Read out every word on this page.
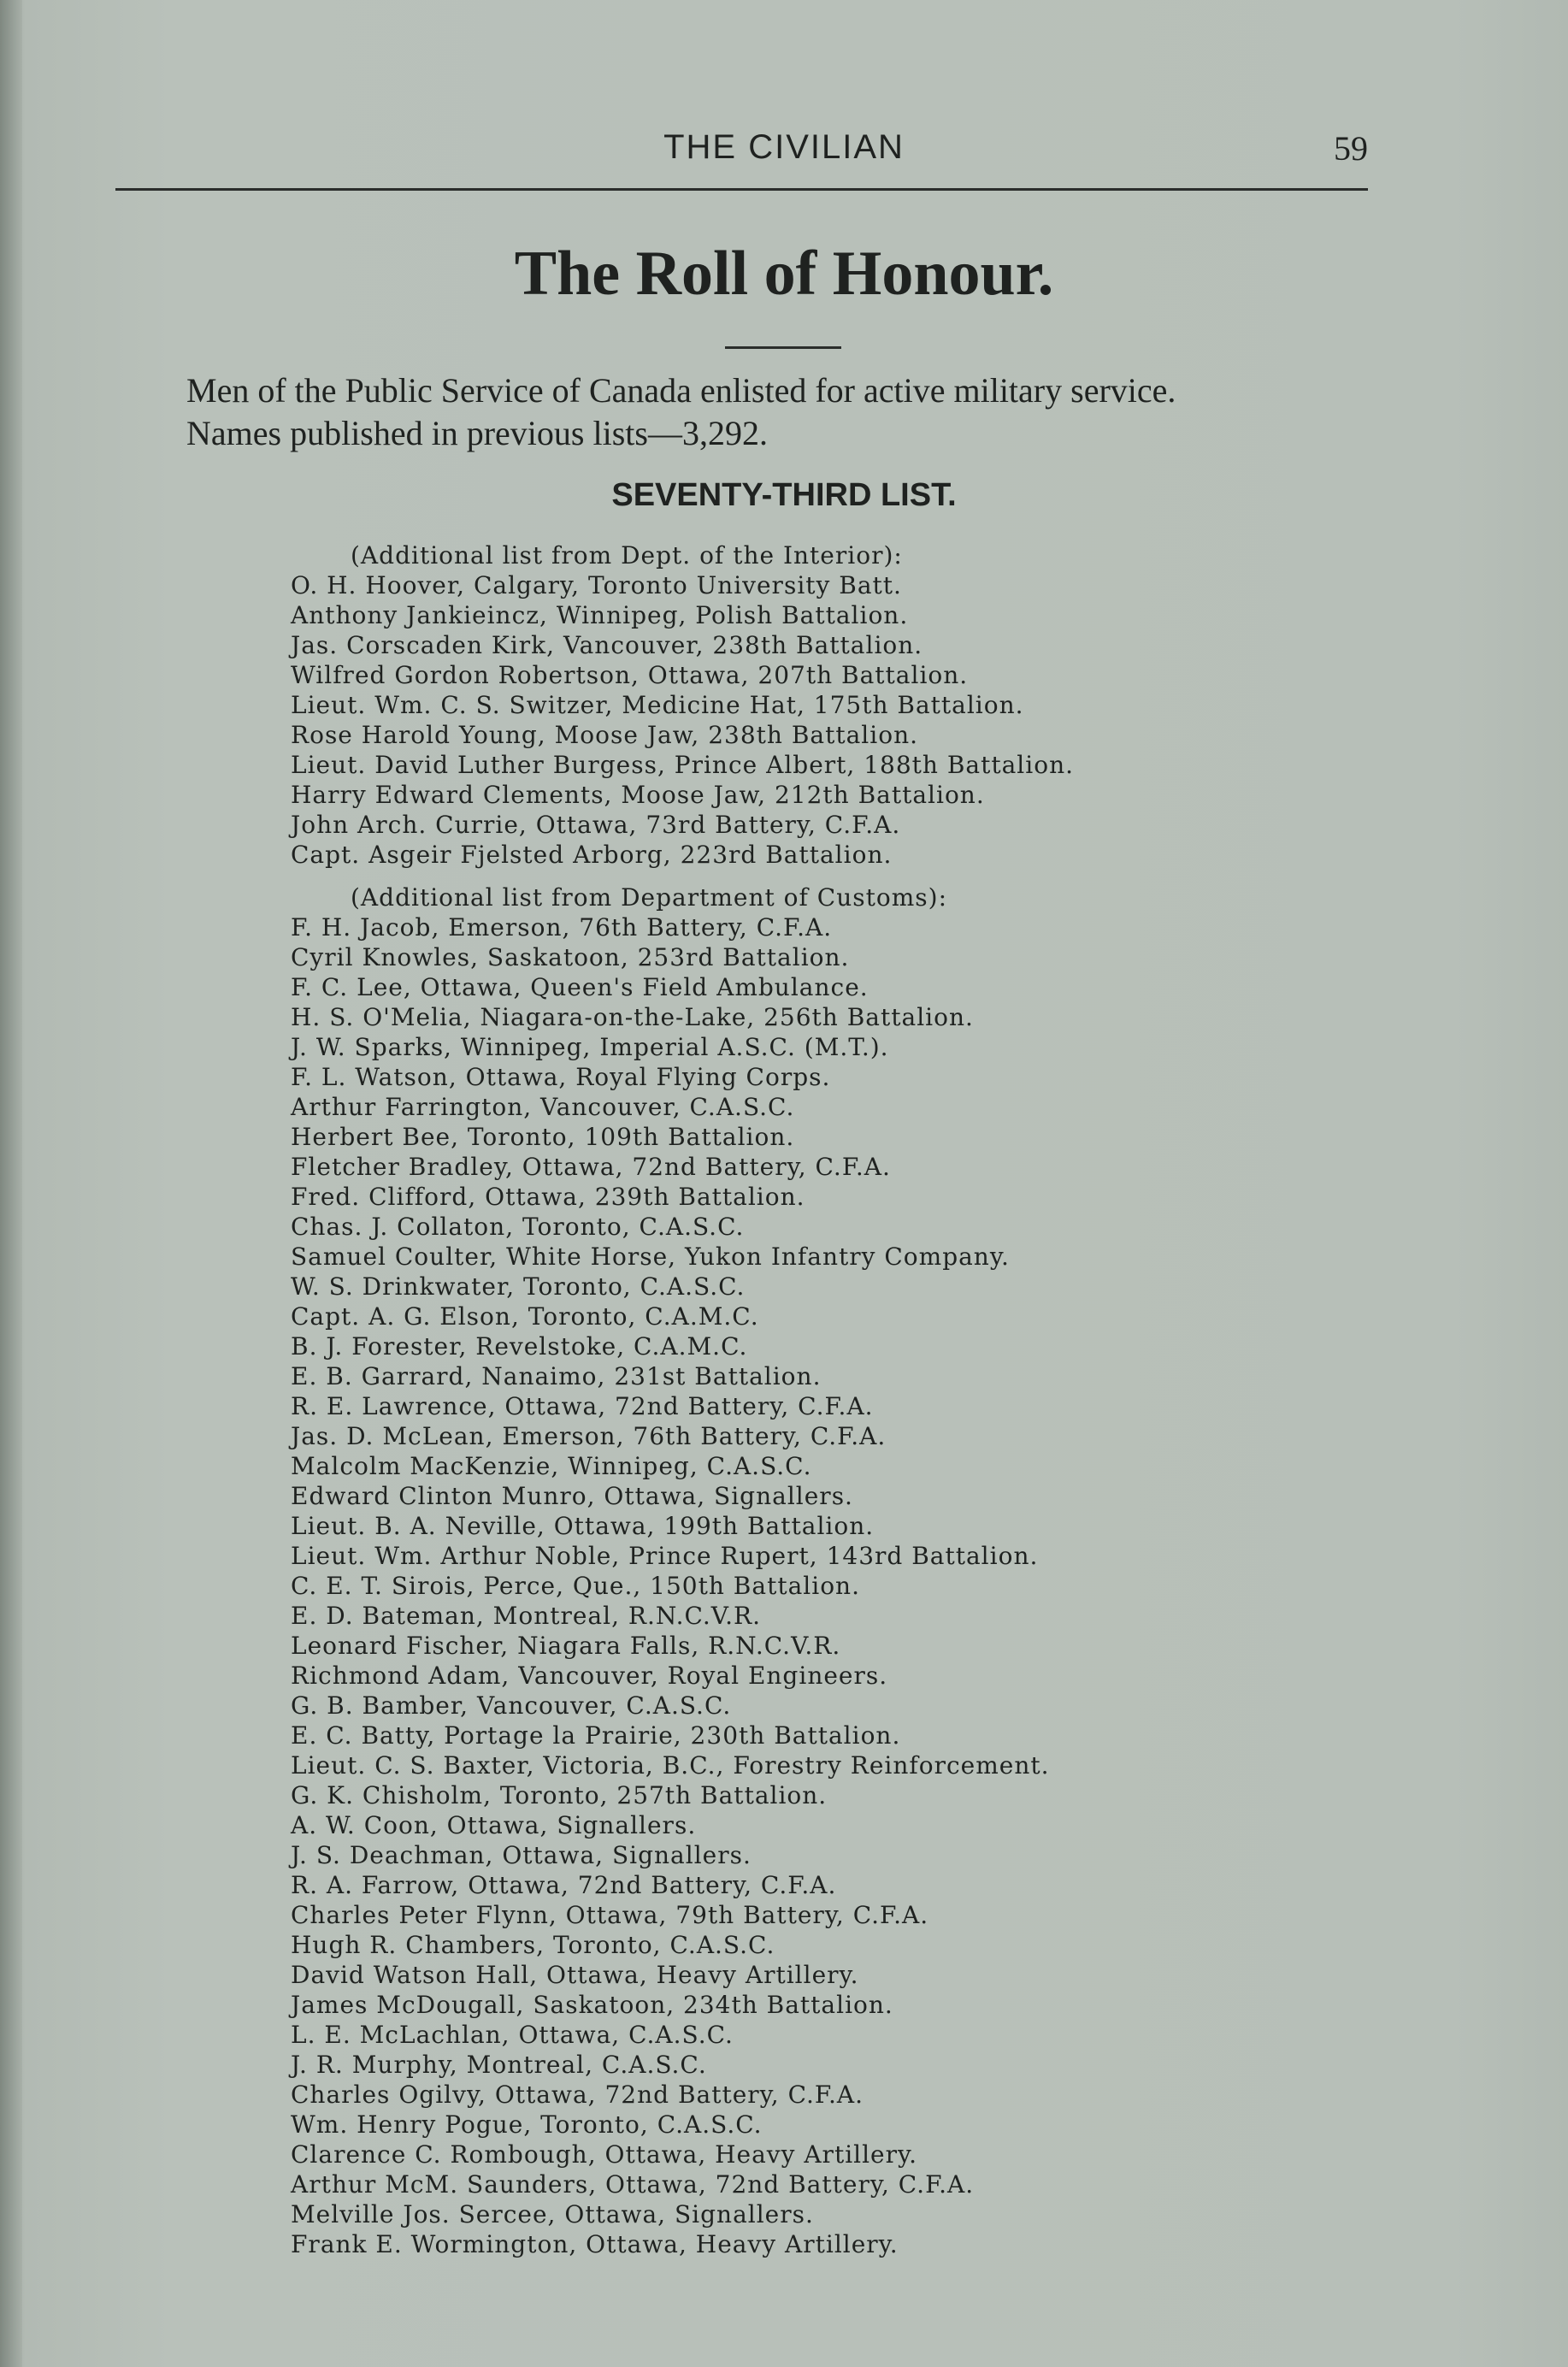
THE CIVILIAN	59
The Roll of Honour.
Men of the Public Service of Canada enlisted for active military service.
Names published in previous lists—3,292.
SEVENTY-THIRD LIST.
(Additional list from Dept. of the Interior):
O. H. Hoover, Calgary, Toronto University Batt.
Anthony Jankieincz, Winnipeg, Polish Battalion.
Jas. Corscaden Kirk, Vancouver, 238th Battalion.
Wilfred Gordon Robertson, Ottawa, 207th Battalion.
Lieut. Wm. C. S. Switzer, Medicine Hat, 175th Battalion.
Rose Harold Young, Moose Jaw, 238th Battalion.
Lieut. David Luther Burgess, Prince Albert, 188th Battalion.
Harry Edward Clements, Moose Jaw, 212th Battalion.
John Arch. Currie, Ottawa, 73rd Battery, C.F.A.
Capt. Asgeir Fjelsted Arborg, 223rd Battalion.
(Additional list from Department of Customs):
F. H. Jacob, Emerson, 76th Battery, C.F.A.
Cyril Knowles, Saskatoon, 253rd Battalion.
F. C. Lee, Ottawa, Queen's Field Ambulance.
H. S. O'Melia, Niagara-on-the-Lake, 256th Battalion.
J. W. Sparks, Winnipeg, Imperial A.S.C. (M.T.).
F. L. Watson, Ottawa, Royal Flying Corps.
Arthur Farrington, Vancouver, C.A.S.C.
Herbert Bee, Toronto, 109th Battalion.
Fletcher Bradley, Ottawa, 72nd Battery, C.F.A.
Fred. Clifford, Ottawa, 239th Battalion.
Chas. J. Collaton, Toronto, C.A.S.C.
Samuel Coulter, White Horse, Yukon Infantry Company.
W. S. Drinkwater, Toronto, C.A.S.C.
Capt. A. G. Elson, Toronto, C.A.M.C.
B. J. Forester, Revelstoke, C.A.M.C.
E. B. Garrard, Nanaimo, 231st Battalion.
R. E. Lawrence, Ottawa, 72nd Battery, C.F.A.
Jas. D. McLean, Emerson, 76th Battery, C.F.A.
Malcolm MacKenzie, Winnipeg, C.A.S.C.
Edward Clinton Munro, Ottawa, Signallers.
Lieut. B. A. Neville, Ottawa, 199th Battalion.
Lieut. Wm. Arthur Noble, Prince Rupert, 143rd Battalion.
C. E. T. Sirois, Perce, Que., 150th Battalion.
E. D. Bateman, Montreal, R.N.C.V.R.
Leonard Fischer, Niagara Falls, R.N.C.V.R.
Richmond Adam, Vancouver, Royal Engineers.
G. B. Bamber, Vancouver, C.A.S.C.
E. C. Batty, Portage la Prairie, 230th Battalion.
Lieut. C. S. Baxter, Victoria, B.C., Forestry Reinforcement.
G. K. Chisholm, Toronto, 257th Battalion.
A. W. Coon, Ottawa, Signallers.
J. S. Deachman, Ottawa, Signallers.
R. A. Farrow, Ottawa, 72nd Battery, C.F.A.
Charles Peter Flynn, Ottawa, 79th Battery, C.F.A.
Hugh R. Chambers, Toronto, C.A.S.C.
David Watson Hall, Ottawa, Heavy Artillery.
James McDougall, Saskatoon, 234th Battalion.
L. E. McLachlan, Ottawa, C.A.S.C.
J. R. Murphy, Montreal, C.A.S.C.
Charles Ogilvy, Ottawa, 72nd Battery, C.F.A.
Wm. Henry Pogue, Toronto, C.A.S.C.
Clarence C. Rombough, Ottawa, Heavy Artillery.
Arthur McM. Saunders, Ottawa, 72nd Battery, C.F.A.
Melville Jos. Sercee, Ottawa, Signallers.
Frank E. Wormington, Ottawa, Heavy Artillery.
